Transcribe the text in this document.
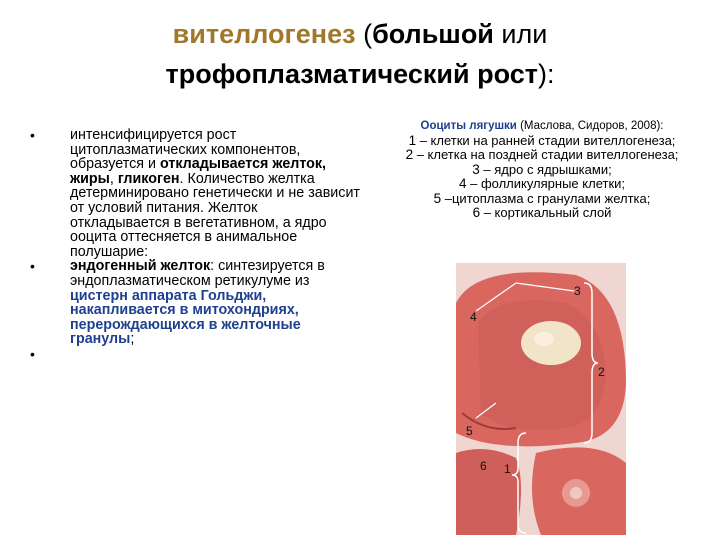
вителлогенез (большой или
трофоплазматический рост):

• интенсифицируется рост цитоплазматических компонентов, образуется и откладывается желток, жиры, гликоген. Количество желтка детерминировано генетически и не зависит от условий питания. Желток откладывается в вегетативном, а ядро ооцита оттесняется в анимальное полушарие:

• эндогенный желток: синтезируется в эндоплазматическом ретикулуме из цистерн аппарата Гольджи, накапливается в митохондриях, перерождающихся в желточные гранулы;

•

Ооциты лягушки (Маслова, Сидоров, 2008):
1 – клетки на ранней стадии вителлогенеза;
2 – клетка на поздней стадии вителлогенеза;
3 – ядро с ядрышками;
4 – фолликулярные клетки;
5 –цитоплазма с гранулами желтка;
6 – кортикальный слой
3
4
2
5
6 1
